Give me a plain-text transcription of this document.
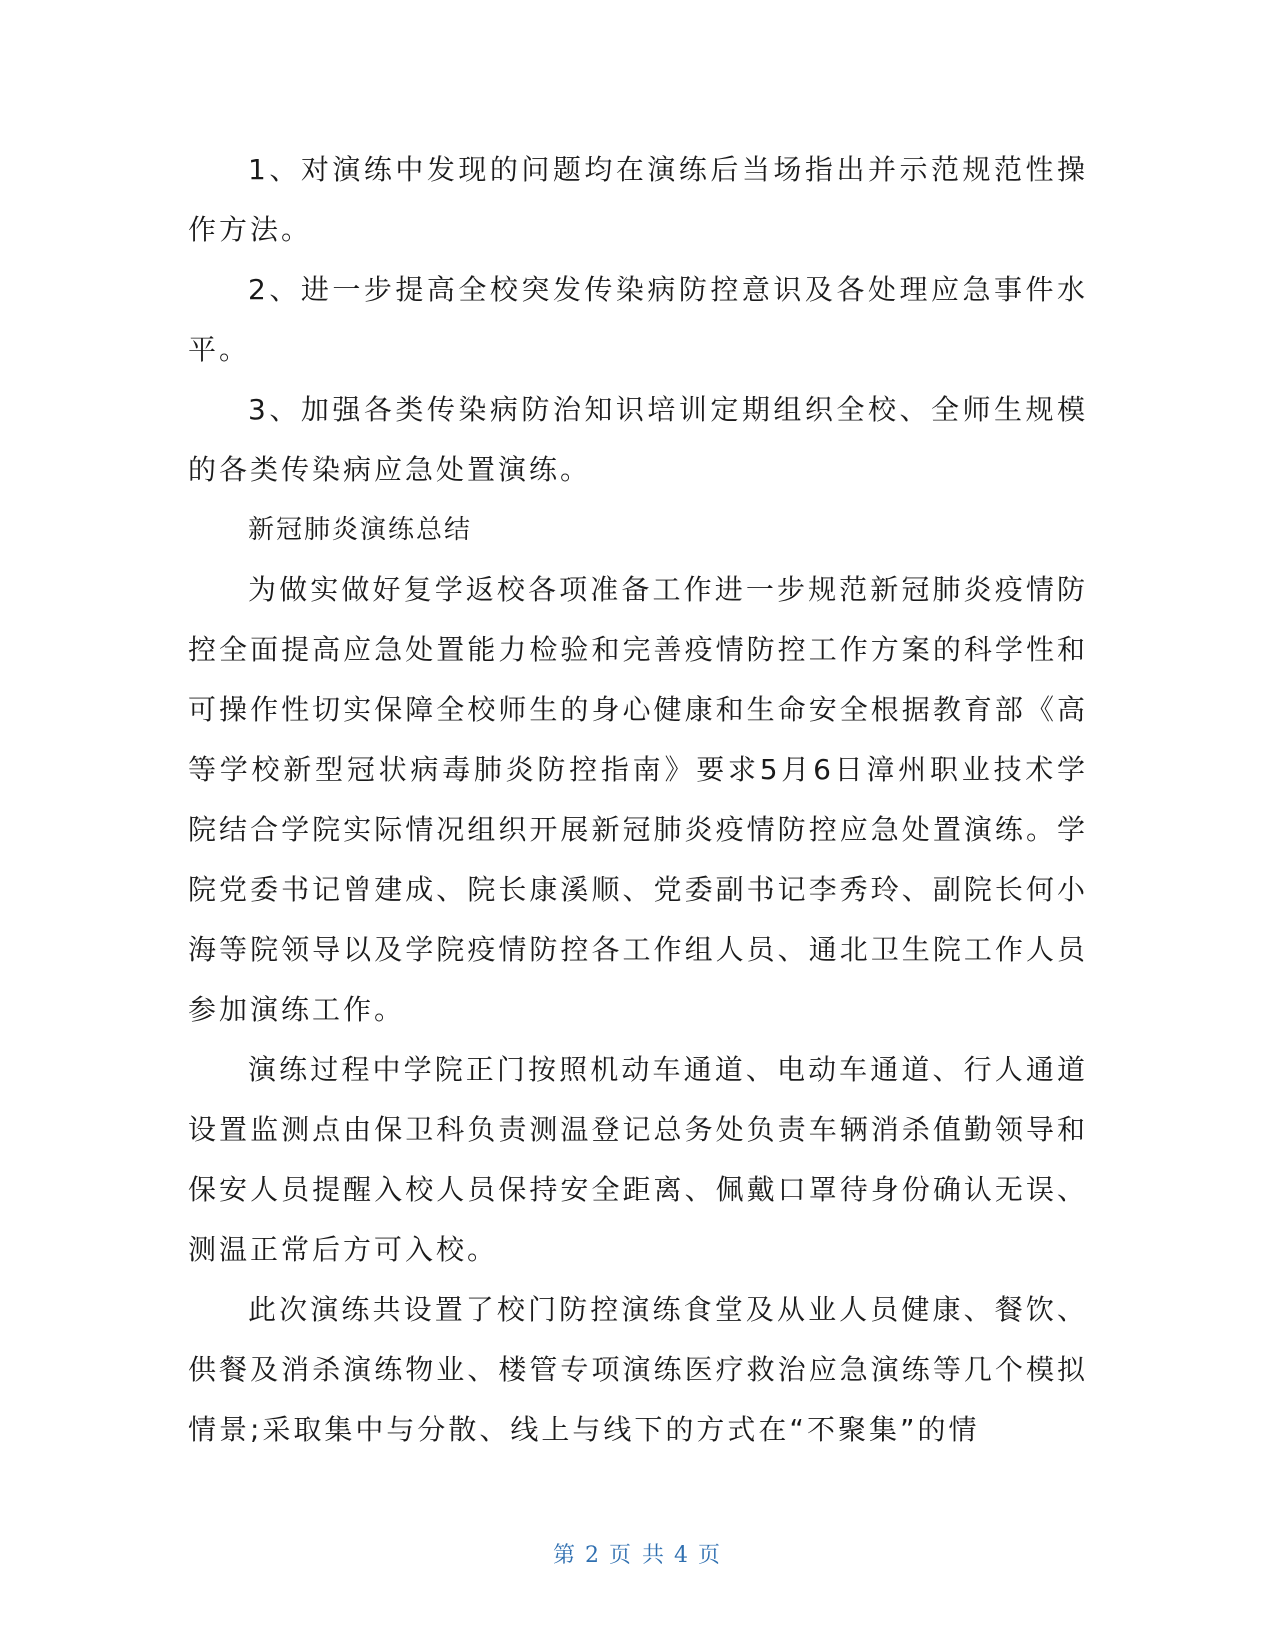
1、对演练中发现的问题均在演练后当场指出并示范规范性操作方法。

2、进一步提高全校突发传染病防控意识及各处理应急事件水平。

3、加强各类传染病防治知识培训定期组织全校、全师生规模的各类传染病应急处置演练。

新冠肺炎演练总结

为做实做好复学返校各项准备工作进一步规范新冠肺炎疫情防控全面提高应急处置能力检验和完善疫情防控工作方案的科学性和可操作性切实保障全校师生的身心健康和生命安全根据教育部《高等学校新型冠状病毒肺炎防控指南》要求5月6日漳州职业技术学院结合学院实际情况组织开展新冠肺炎疫情防控应急处置演练。学院党委书记曾建成、院长康溪顺、党委副书记李秀玲、副院长何小海等院领导以及学院疫情防控各工作组人员、通北卫生院工作人员参加演练工作。

演练过程中学院正门按照机动车通道、电动车通道、行人通道设置监测点由保卫科负责测温登记总务处负责车辆消杀值勤领导和保安人员提醒入校人员保持安全距离、佩戴口罩待身份确认无误、测温正常后方可入校。

此次演练共设置了校门防控演练食堂及从业人员健康、餐饮、供餐及消杀演练物业、楼管专项演练医疗救治应急演练等几个模拟情景;采取集中与分散、线上与线下的方式在“不聚集”的情

第 2 页 共 4 页
